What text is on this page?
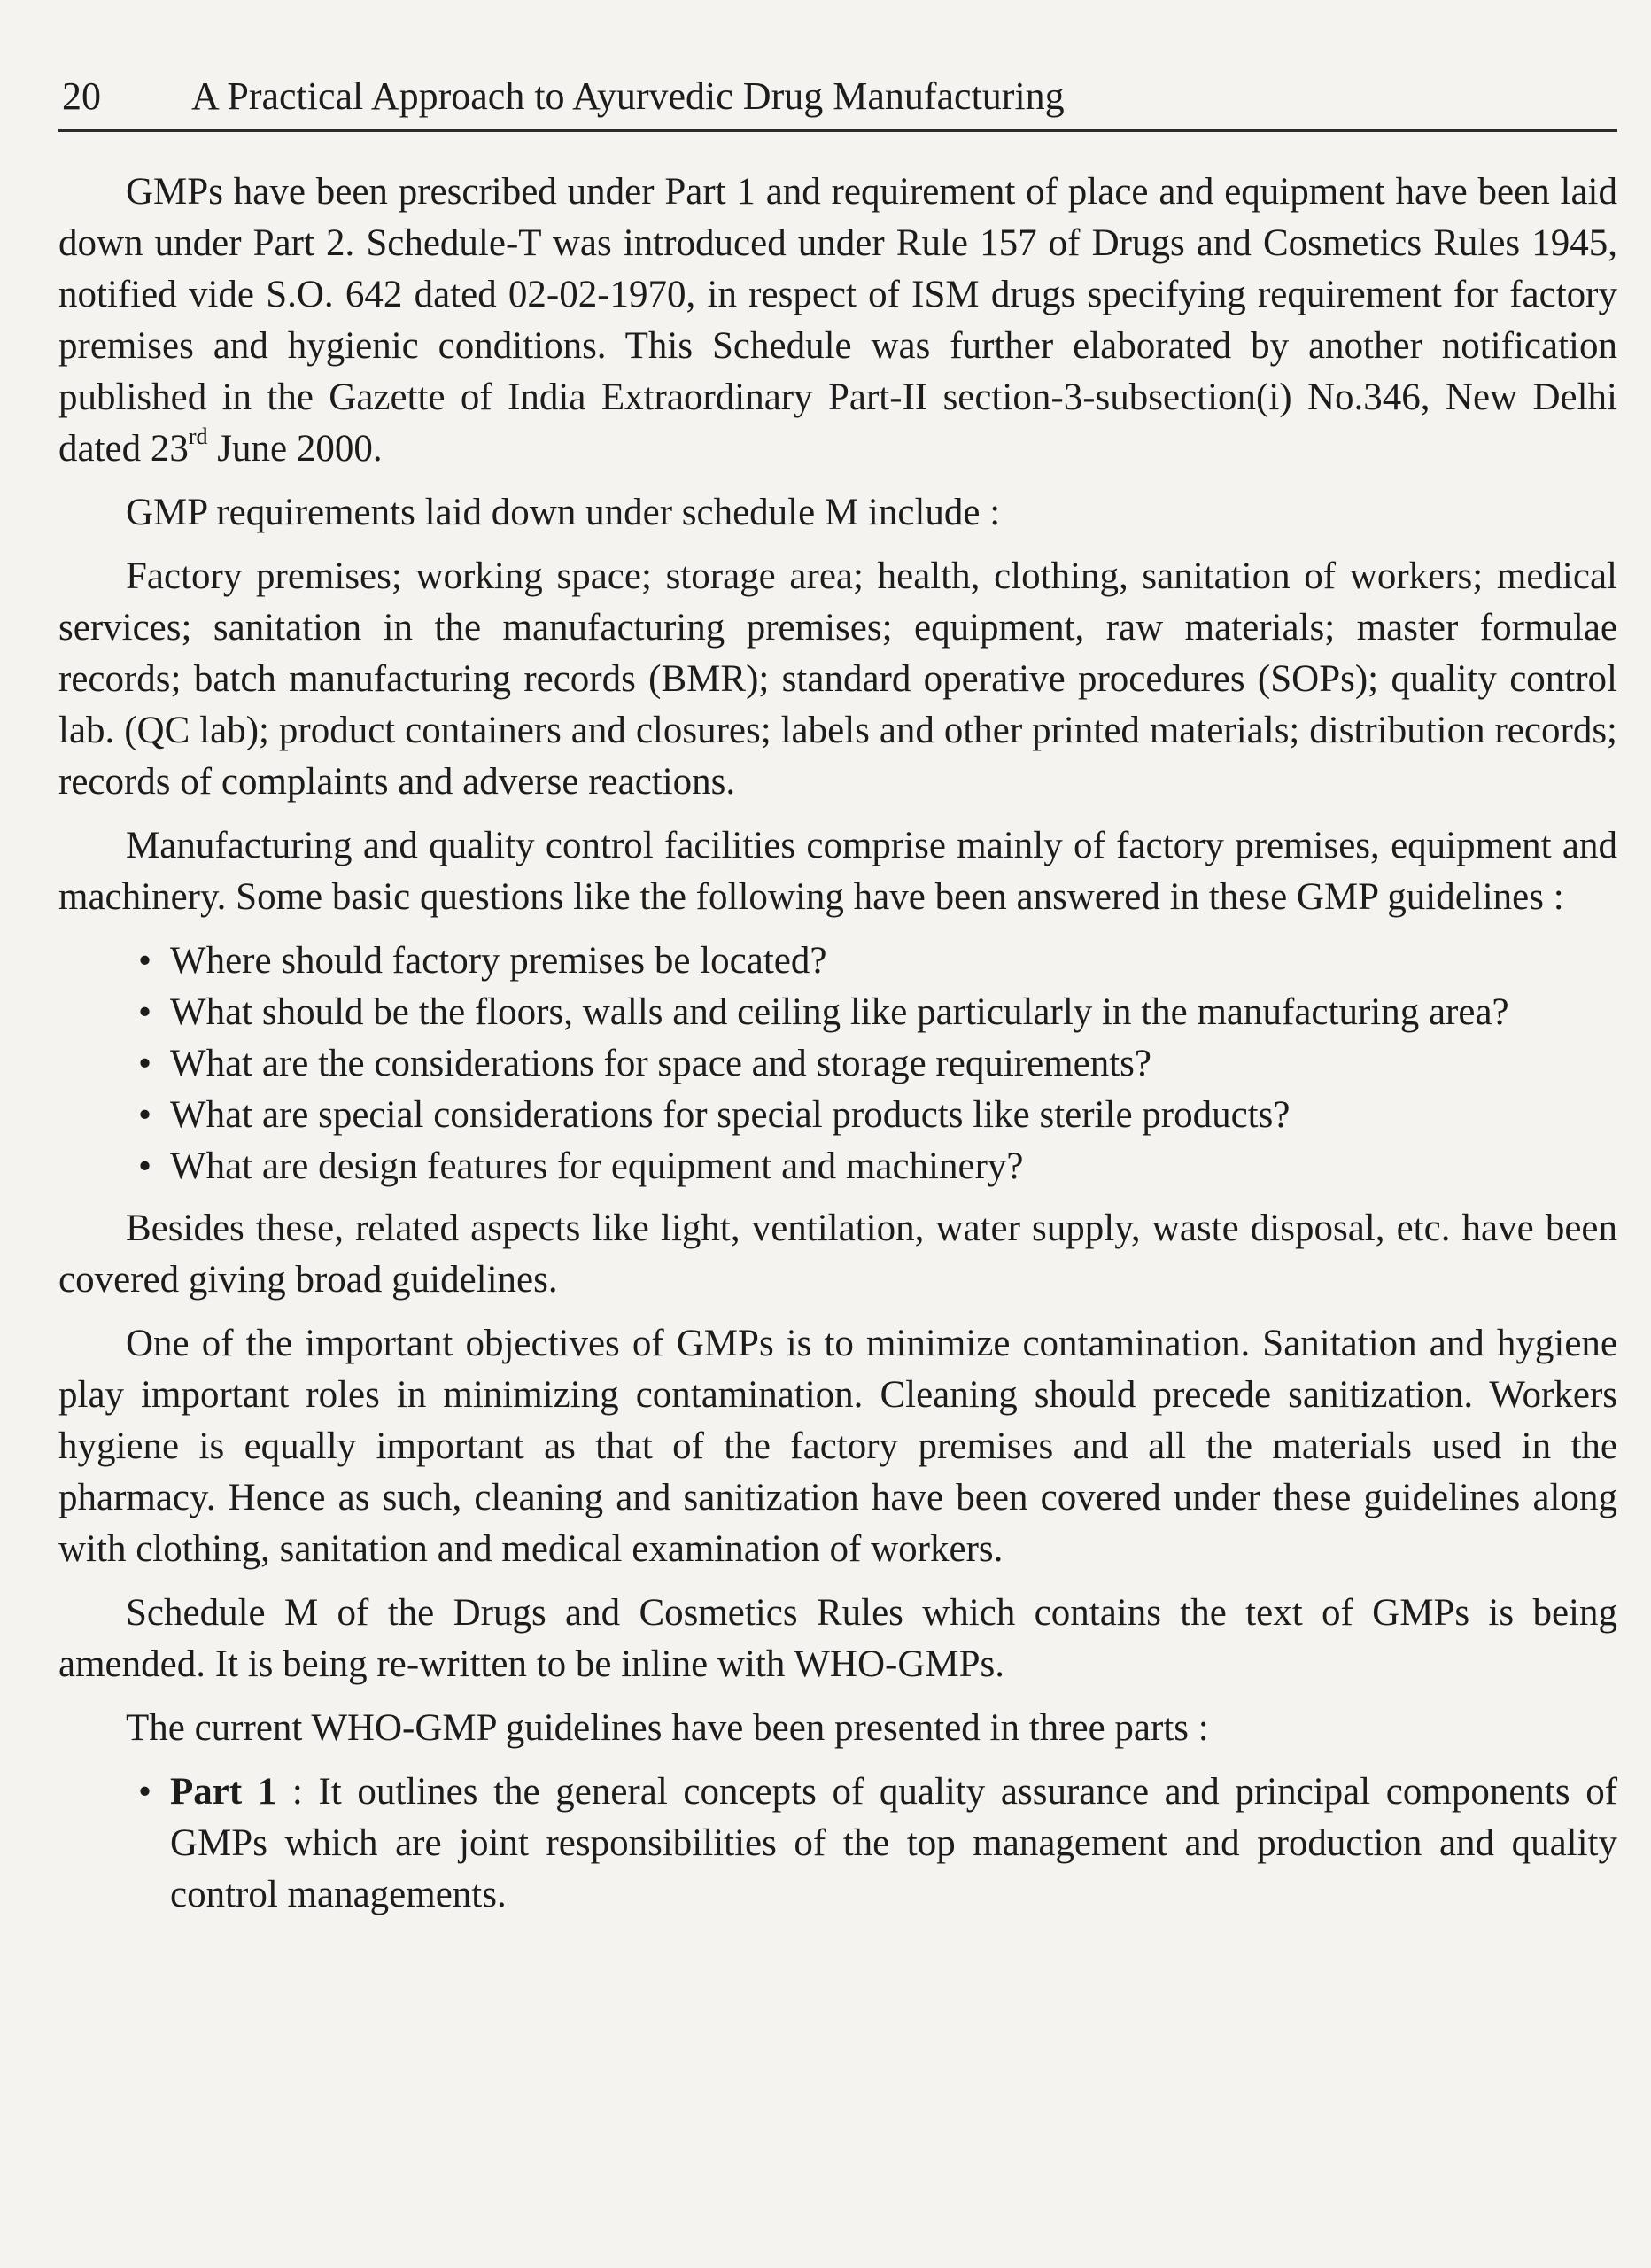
20 A Practical Approach to Ayurvedic Drug Manufacturing

GMPs have been prescribed under Part 1 and requirement of place and equipment have been laid down under Part 2. Schedule-T was introduced under Rule 157 of Drugs and Cosmetics Rules 1945, notified vide S.O. 642 dated 02-02-1970, in respect of ISM drugs specifying requirement for factory premises and hygienic conditions. This Schedule was further elaborated by another notification published in the Gazette of India Extraordinary Part-II section-3-subsection(i) No.346, New Delhi dated 23rd June 2000.

GMP requirements laid down under schedule M include :

Factory premises; working space; storage area; health, clothing, sanitation of workers; medical services; sanitation in the manufacturing premises; equipment, raw materials; master formulae records; batch manufacturing records (BMR); standard operative procedures (SOPs); quality control lab. (QC lab); product containers and closures; labels and other printed materials; distribution records; records of complaints and adverse reactions.

Manufacturing and quality control facilities comprise mainly of factory premises, equipment and machinery. Some basic questions like the following have been answered in these GMP guidelines :

• Where should factory premises be located?
• What should be the floors, walls and ceiling like particularly in the manufacturing area?
• What are the considerations for space and storage requirements?
• What are special considerations for special products like sterile products?
• What are design features for equipment and machinery?

Besides these, related aspects like light, ventilation, water supply, waste disposal, etc. have been covered giving broad guidelines.

One of the important objectives of GMPs is to minimize contamination. Sanitation and hygiene play important roles in minimizing contamination. Cleaning should precede sanitization. Workers hygiene is equally important as that of the factory premises and all the materials used in the pharmacy. Hence as such, cleaning and sanitization have been covered under these guidelines along with clothing, sanitation and medical examination of workers.

Schedule M of the Drugs and Cosmetics Rules which contains the text of GMPs is being amended. It is being re-written to be inline with WHO-GMPs.

The current WHO-GMP guidelines have been presented in three parts :

• Part 1 : It outlines the general concepts of quality assurance and principal components of GMPs which are joint responsibilities of the top management and production and quality control managements.
